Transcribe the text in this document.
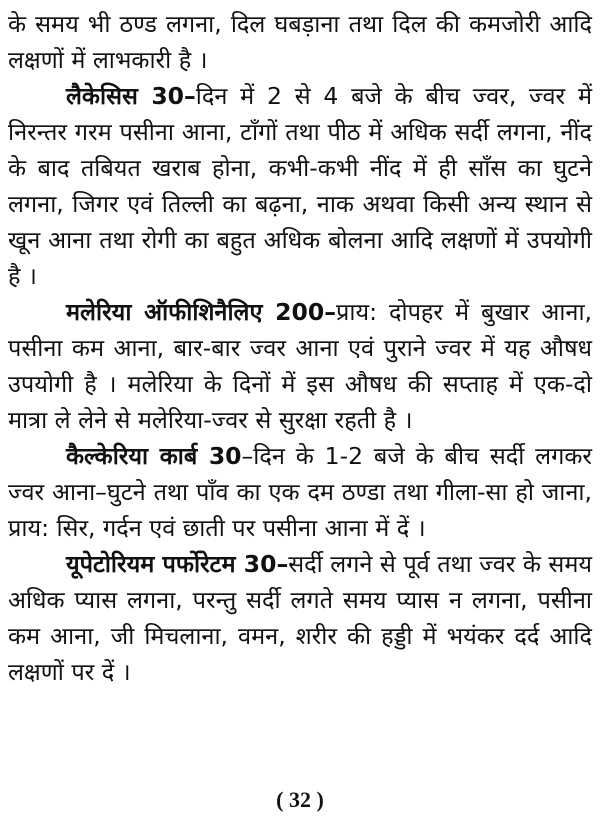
के समय भी ठण्ड लगना, दिल घबड़ाना तथा दिल की कमजोरी आदि लक्षणों में लाभकारी है ।

लैकेसिस 30–दिन में 2 से 4 बजे के बीच ज्वर, ज्वर में निरन्तर गरम पसीना आना, टाँगों तथा पीठ में अधिक सर्दी लगना, नींद के बाद तबियत खराब होना, कभी-कभी नींद में ही साँस का घुटने लगना, जिगर एवं तिल्ली का बढ़ना, नाक अथवा किसी अन्य स्थान से खून आना तथा रोगी का बहुत अधिक बोलना आदि लक्षणों में उपयोगी है ।

मलेरिया ऑफीशिनैलिए 200–प्राय: दोपहर में बुखार आना, पसीना कम आना, बार-बार ज्वर आना एवं पुराने ज्वर में यह औषध उपयोगी है । मलेरिया के दिनों में इस औषध की सप्ताह में एक-दो मात्रा ले लेने से मलेरिया-ज्वर से सुरक्षा रहती है ।

कैल्केरिया कार्ब 30–दिन के 1-2 बजे के बीच सर्दी लगकर ज्वर आना–घुटने तथा पाँव का एक दम ठण्डा तथा गीला-सा हो जाना, प्राय: सिर, गर्दन एवं छाती पर पसीना आना में दें ।

यूपेटोरियम पर्फोरेटम 30–सर्दी लगने से पूर्व तथा ज्वर के समय अधिक प्यास लगना, परन्तु सर्दी लगते समय प्यास न लगना, पसीना कम आना, जी मिचलाना, वमन, शरीर की हड्डी में भयंकर दर्द आदि लक्षणों पर दें ।

( 32 )
